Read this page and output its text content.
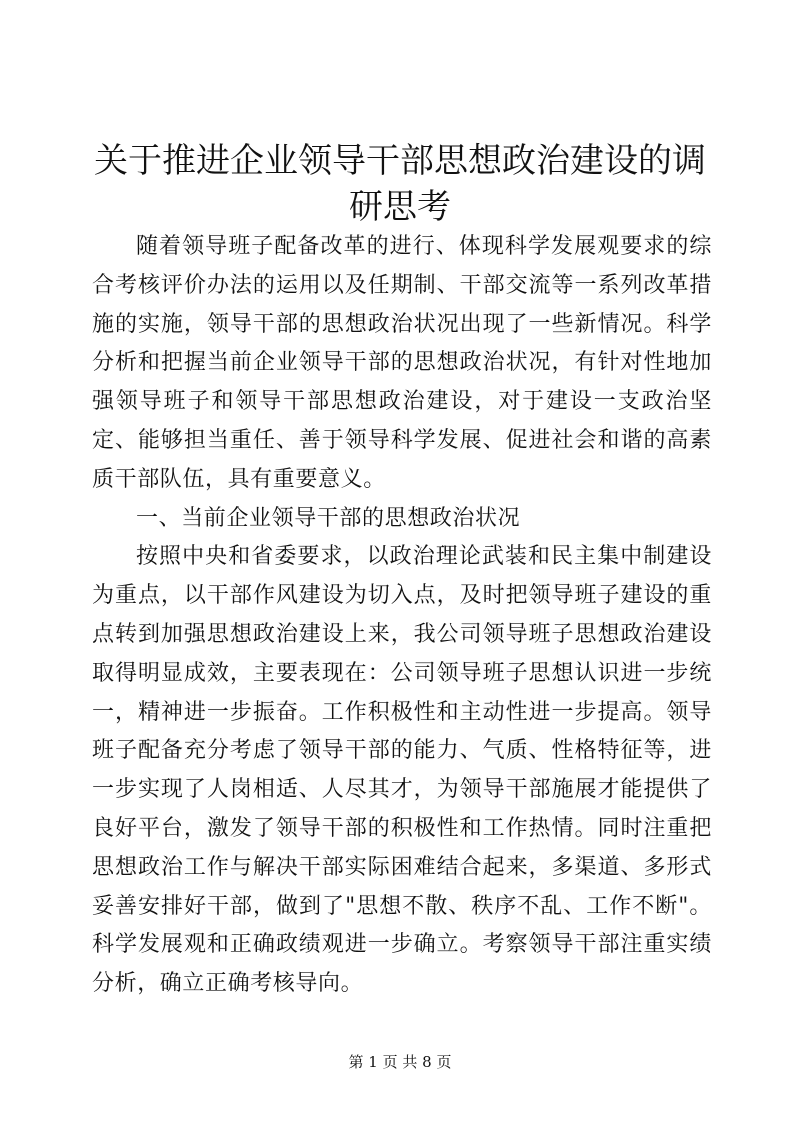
关于推进企业领导干部思想政治建设的调研思考

随着领导班子配备改革的进行、体现科学发展观要求的综合考核评价办法的运用以及任期制、干部交流等一系列改革措施的实施，领导干部的思想政治状况出现了一些新情况。科学分析和把握当前企业领导干部的思想政治状况，有针对性地加强领导班子和领导干部思想政治建设，对于建设一支政治坚定、能够担当重任、善于领导科学发展、促进社会和谐的高素质干部队伍，具有重要意义。

一、当前企业领导干部的思想政治状况

按照中央和省委要求，以政治理论武装和民主集中制建设为重点，以干部作风建设为切入点，及时把领导班子建设的重点转到加强思想政治建设上来，我公司领导班子思想政治建设取得明显成效，主要表现在：公司领导班子思想认识进一步统一，精神进一步振奋。工作积极性和主动性进一步提高。领导班子配备充分考虑了领导干部的能力、气质、性格特征等，进一步实现了人岗相适、人尽其才，为领导干部施展才能提供了良好平台，激发了领导干部的积极性和工作热情。同时注重把思想政治工作与解决干部实际困难结合起来，多渠道、多形式妥善安排好干部，做到了"思想不散、秩序不乱、工作不断"。科学发展观和正确政绩观进一步确立。考察领导干部注重实绩分析，确立正确考核导向。

第 1 页 共 8 页
